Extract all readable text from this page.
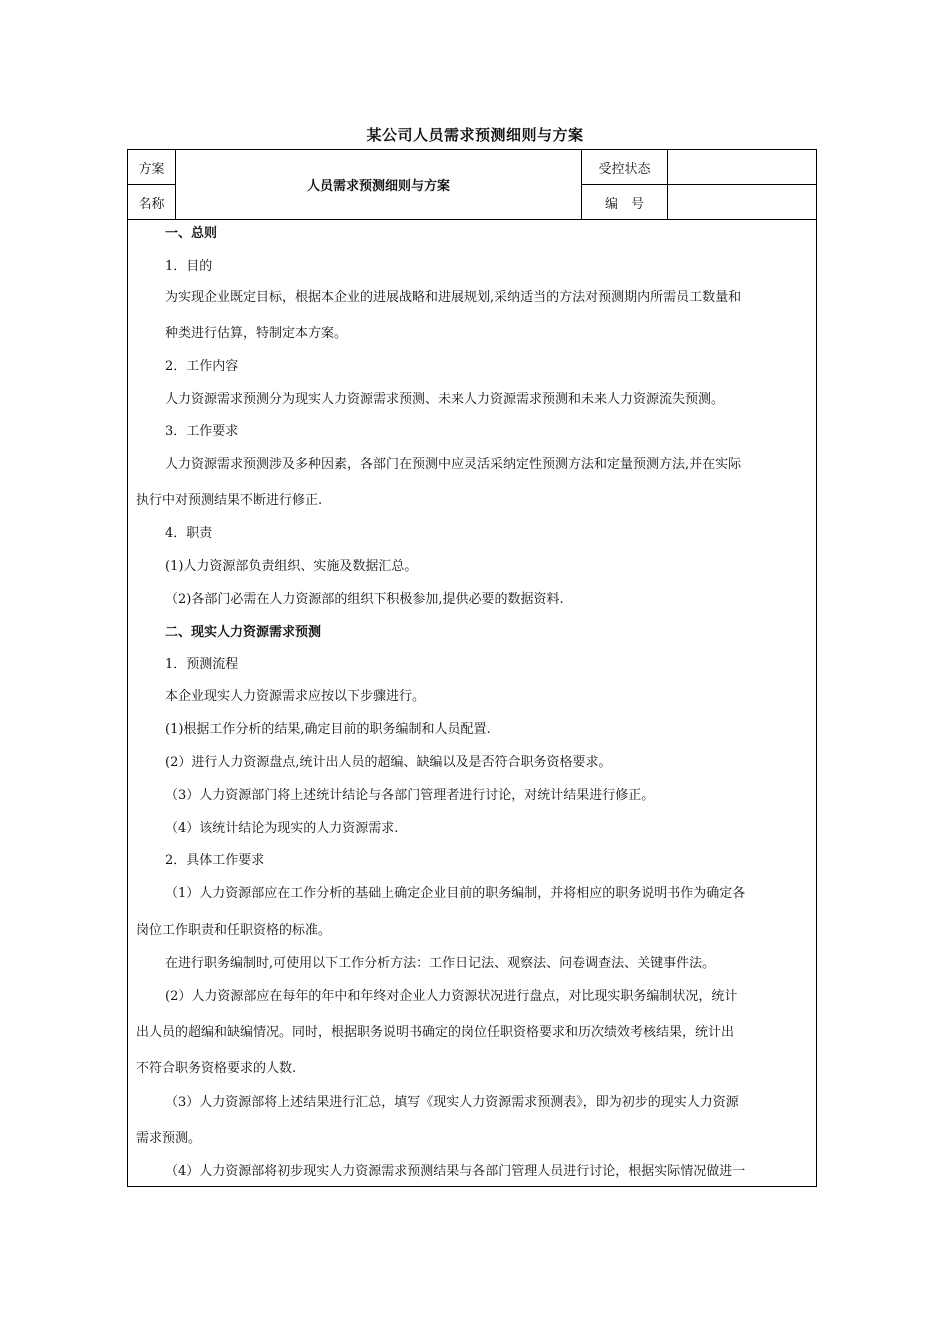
某公司人员需求预测细则与方案
方案	人员需求预测细则与方案	受控状态	
名称		编　号	
一、总则
1．目的
为实现企业既定目标，根据本企业的进展战略和进展规划,采纳适当的方法对预测期内所需员工数量和
种类进行估算，特制定本方案。
2．工作内容
人力资源需求预测分为现实人力资源需求预测、未来人力资源需求预测和未来人力资源流失预测。
3．工作要求
人力资源需求预测涉及多种因素，各部门在预测中应灵活采纳定性预测方法和定量预测方法,并在实际
执行中对预测结果不断进行修正.
4．职责
(1)人力资源部负责组织、实施及数据汇总。
（2)各部门必需在人力资源部的组织下积极参加,提供必要的数据资料.
二、现实人力资源需求预测
1．预测流程
本企业现实人力资源需求应按以下步骤进行。
(1)根据工作分析的结果,确定目前的职务编制和人员配置.
(2）进行人力资源盘点,统计出人员的超编、缺编以及是否符合职务资格要求。
（3）人力资源部门将上述统计结论与各部门管理者进行讨论，对统计结果进行修正。
（4）该统计结论为现实的人力资源需求.
2．具体工作要求
（1）人力资源部应在工作分析的基础上确定企业目前的职务编制，并将相应的职务说明书作为确定各
岗位工作职责和任职资格的标准。
在进行职务编制时,可使用以下工作分析方法：工作日记法、观察法、问卷调查法、关键事件法。
(2）人力资源部应在每年的年中和年终对企业人力资源状况进行盘点，对比现实职务编制状况，统计
出人员的超编和缺编情况。同时，根据职务说明书确定的岗位任职资格要求和历次绩效考核结果，统计出
不符合职务资格要求的人数.
（3）人力资源部将上述结果进行汇总，填写《现实人力资源需求预测表》，即为初步的现实人力资源
需求预测。
（4）人力资源部将初步现实人力资源需求预测结果与各部门管理人员进行讨论，根据实际情况做进一
